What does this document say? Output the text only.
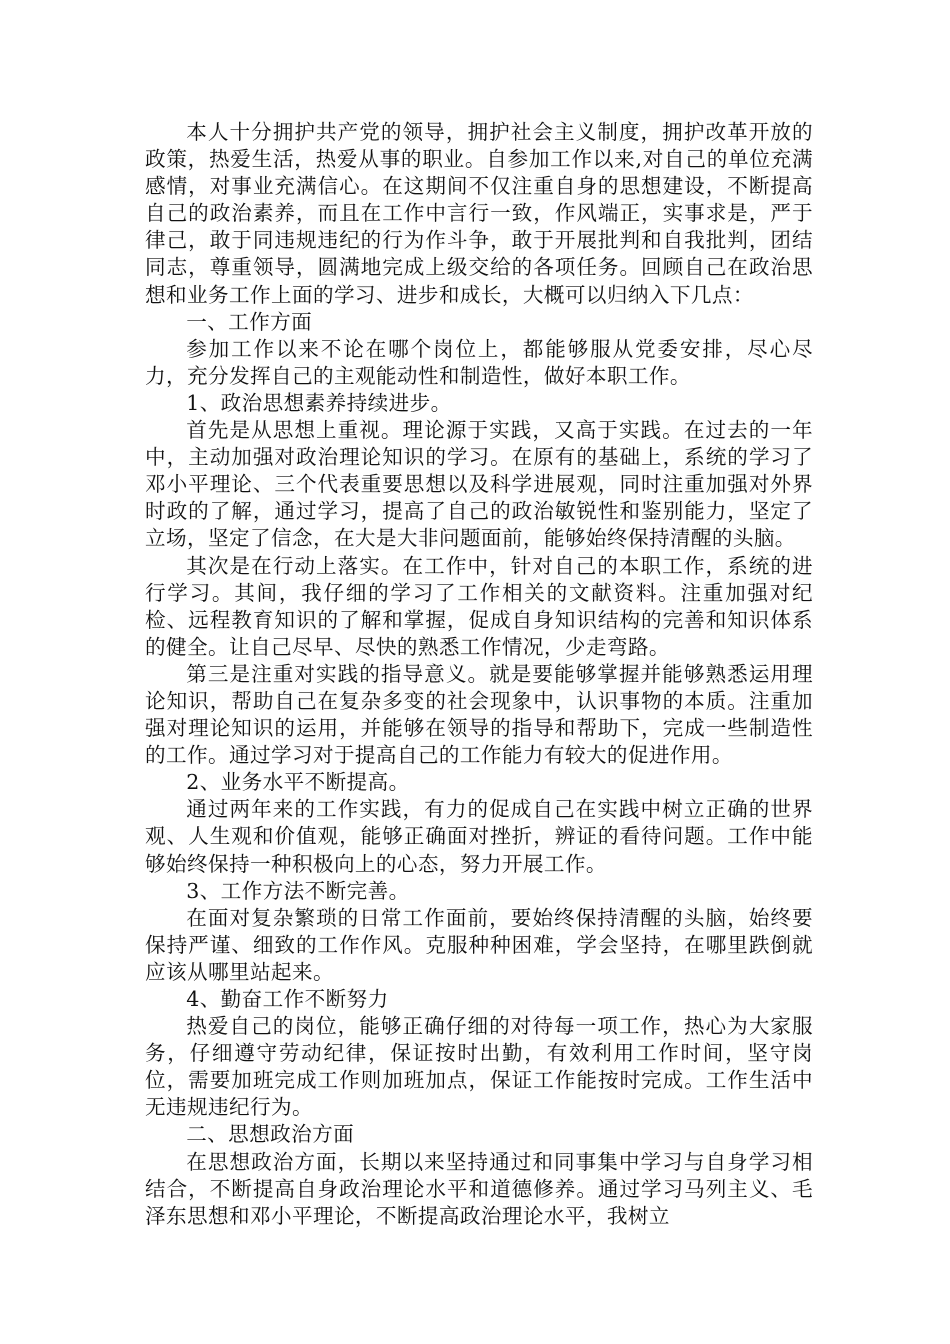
本人十分拥护共产党的领导，拥护社会主义制度，拥护改革开放的政策，热爱生活，热爱从事的职业。自参加工作以来,对自己的单位充满感情，对事业充满信心。在这期间不仅注重自身的思想建设，不断提高自己的政治素养，而且在工作中言行一致，作风端正，实事求是，严于律己，敢于同违规违纪的行为作斗争，敢于开展批判和自我批判，团结同志，尊重领导，圆满地完成上级交给的各项任务。回顾自己在政治思想和业务工作上面的学习、进步和成长，大概可以归纳入下几点：

一、工作方面

参加工作以来不论在哪个岗位上，都能够服从党委安排，尽心尽力，充分发挥自己的主观能动性和制造性，做好本职工作。

1、政治思想素养持续进步。

首先是从思想上重视。理论源于实践，又高于实践。在过去的一年中，主动加强对政治理论知识的学习。在原有的基础上，系统的学习了邓小平理论、三个代表重要思想以及科学进展观，同时注重加强对外界时政的了解，通过学习，提高了自己的政治敏锐性和鉴别能力，坚定了立场，坚定了信念，在大是大非问题面前，能够始终保持清醒的头脑。

其次是在行动上落实。在工作中，针对自己的本职工作，系统的进行学习。其间，我仔细的学习了工作相关的文献资料。注重加强对纪检、远程教育知识的了解和掌握，促成自身知识结构的完善和知识体系的健全。让自己尽早、尽快的熟悉工作情况，少走弯路。

第三是注重对实践的指导意义。就是要能够掌握并能够熟悉运用理论知识，帮助自己在复杂多变的社会现象中，认识事物的本质。注重加强对理论知识的运用，并能够在领导的指导和帮助下，完成一些制造性的工作。通过学习对于提高自己的工作能力有较大的促进作用。

2、业务水平不断提高。

通过两年来的工作实践，有力的促成自己在实践中树立正确的世界观、人生观和价值观，能够正确面对挫折，辨证的看待问题。工作中能够始终保持一种积极向上的心态，努力开展工作。

3、工作方法不断完善。

在面对复杂繁琐的日常工作面前，要始终保持清醒的头脑，始终要保持严谨、细致的工作作风。克服种种困难，学会坚持，在哪里跌倒就应该从哪里站起来。

4、勤奋工作不断努力

热爱自己的岗位，能够正确仔细的对待每一项工作，热心为大家服务，仔细遵守劳动纪律，保证按时出勤，有效利用工作时间，坚守岗位，需要加班完成工作则加班加点，保证工作能按时完成。工作生活中无违规违纪行为。

二、思想政治方面

在思想政治方面，长期以来坚持通过和同事集中学习与自身学习相结合，不断提高自身政治理论水平和道德修养。通过学习马列主义、毛泽东思想和邓小平理论，不断提高政治理论水平，我树立
